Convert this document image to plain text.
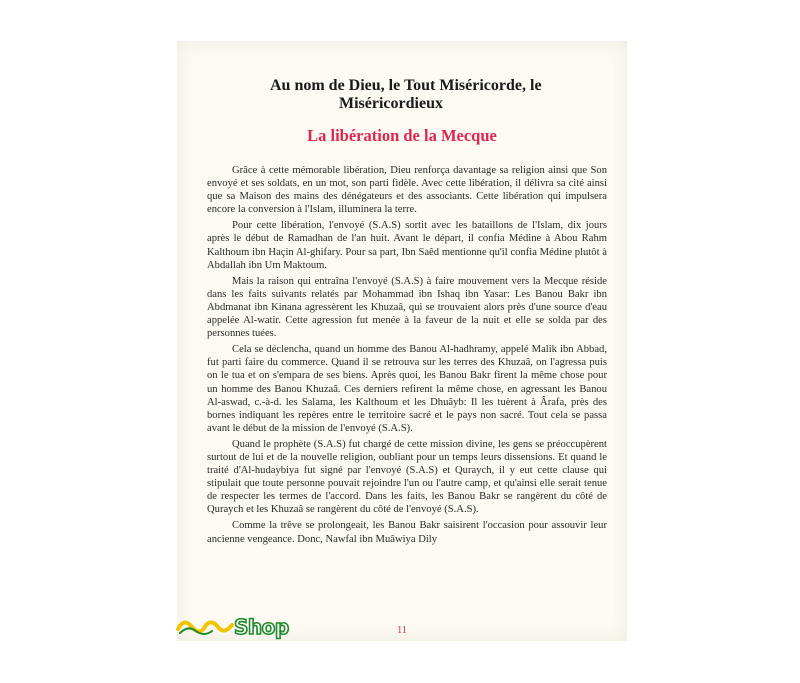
Au nom de Dieu, le Tout Miséricorde, le
Miséricordieux
La libération de la Mecque

Grâce à cette mémorable libération, Dieu renforça davantage sa religion ainsi que Son envoyé et ses soldats, en un mot, son parti fidèle. Avec cette libération, il délivra sa cité ainsi que sa Maison des mains des dénégateurs et des associants. Cette libération qui impulsera encore la conversion à l'Islam, illuminera la terre.

Pour cette libération, l'envoyé (S.A.S) sortit avec les bataillons de l'Islam, dix jours après le début de Ramadhan de l'an huit. Avant le départ, il confia Médine à Abou Rahm Kalthoum ibn Haçin Al-ghifary. Pour sa part, Ibn Saêd mentionne qu'il confia Médine plutôt à Abdallah ibn Um Maktoum.

Mais la raison qui entraîna l'envoyé (S.A.S) à faire mouvement vers la Mecque réside dans les faits suivants relatés par Mohammad ibn Ishaq ibn Yasar: Les Banou Bakr ibn Abdmanat ibn Kinana agressèrent les Khuzaâ, qui se trouvaient alors près d'une source d'eau appelée Al-watir. Cette agression fut menée à la faveur de la nuit et elle se solda par des personnes tuées.

Cela se déclencha, quand un homme des Banou Al-hadhramy, appelé Malik ibn Abbad, fut parti faire du commerce. Quand il se retrouva sur les terres des Khuzaâ, on l'agressa puis on le tua et on s'empara de ses biens. Après quoi, les Banou Bakr firent la même chose pour un homme des Banou Khuzaâ. Ces derniers refirent la même chose, en agressant les Banou Al-aswad, c.-à-d. les Salama, les Kalthoum et les Dhuâyb: Il les tuèrent à Ârafa, près des bornes indiquant les repères entre le territoire sacré et le pays non sacré. Tout cela se passa avant le début de la mission de l'envoyé (S.A.S).

Quand le prophète (S.A.S) fut chargé de cette mission divine, les gens se préoccupèrent surtout de lui et de la nouvelle religion, oubliant pour un temps leurs dissensions. Et quand le traité d'Al-hudaybiya fut signé par l'envoyé (S.A.S) et Quraych, il y eut cette clause qui stipulait que toute personne pouvait rejoindre l'un ou l'autre camp, et qu'ainsi elle serait tenue de respecter les termes de l'accord. Dans les faits, les Banou Bakr se rangèrent du côté de Quraych et les Khuzaâ se rangèrent du côté de l'envoyé (S.A.S).

Comme la trêve se prolongeait, les Banou Bakr saisirent l'occasion pour assouvir leur ancienne vengeance. Donc, Nawfal ibn Muâwiya Dily

11
Shop
